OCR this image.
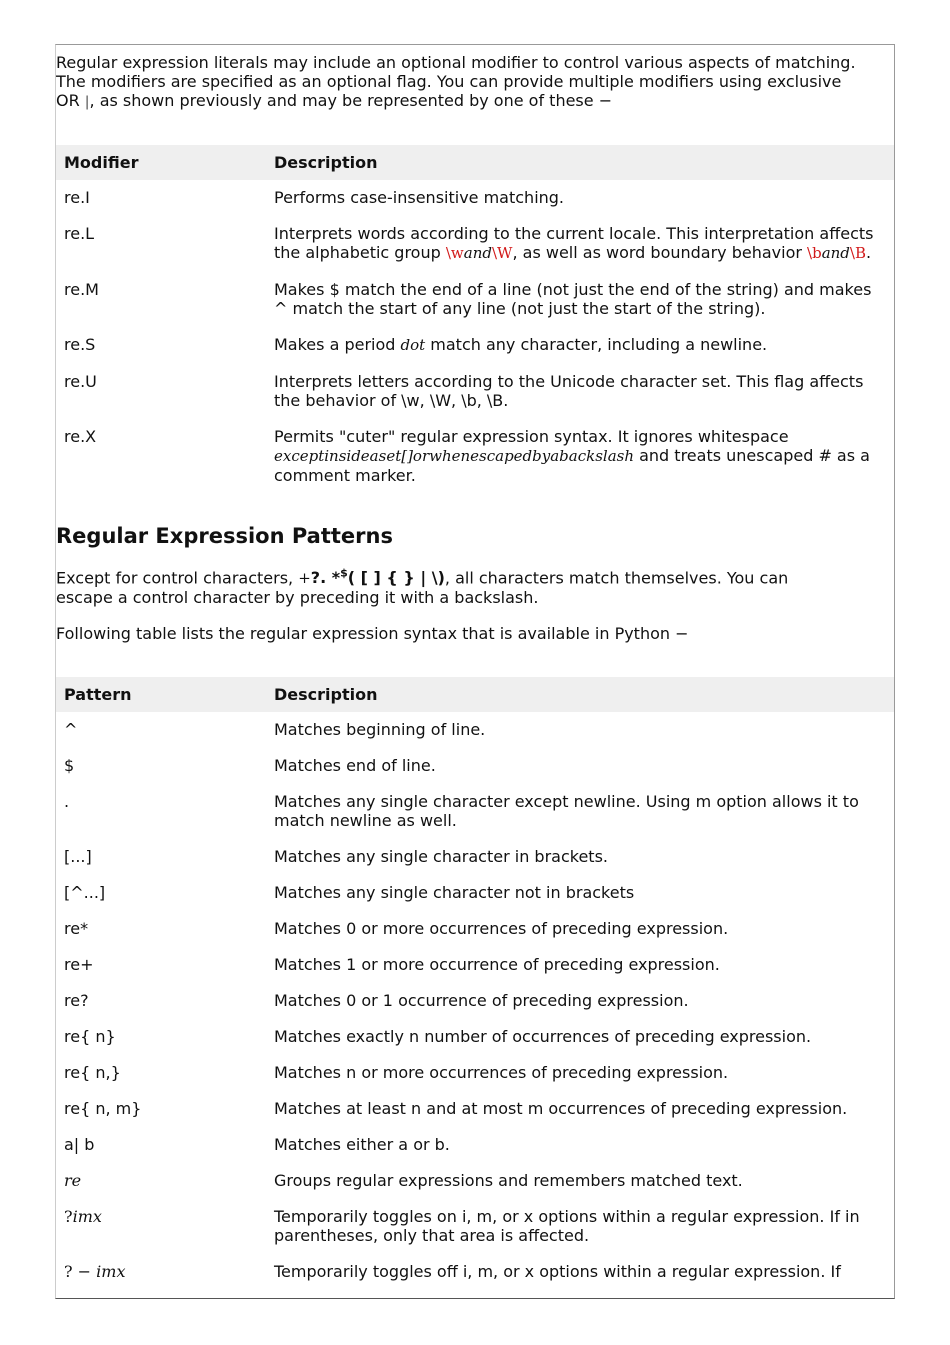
Regular expression literals may include an optional modifier to control various aspects of matching. The modifiers are specified as an optional flag. You can provide multiple modifiers using exclusive OR |, as shown previously and may be represented by one of these −

Modifier	Description
re.I	Performs case-insensitive matching.
re.L	Interprets words according to the current locale. This interpretation affects the alphabetic group \wand\W, as well as word boundary behavior \band\B.
re.M	Makes $ match the end of a line (not just the end of the string) and makes ^ match the start of any line (not just the start of the string).
re.S	Makes a period dot match any character, including a newline.
re.U	Interprets letters according to the Unicode character set. This flag affects the behavior of \w, \W, \b, \B.
re.X	Permits "cuter" regular expression syntax. It ignores whitespace exceptinsideaset[]orwhenescapedbyabackslash and treats unescaped # as a comment marker.
Regular Expression Patterns

Except for control characters, +?. *$( [ ] { } | \), all characters match themselves. You can escape a control character by preceding it with a backslash.

Following table lists the regular expression syntax that is available in Python −

Pattern	Description
^	Matches beginning of line.
$	Matches end of line.
.	Matches any single character except newline. Using m option allows it to match newline as well.
[...]	Matches any single character in brackets.
[^...]	Matches any single character not in brackets
re*	Matches 0 or more occurrences of preceding expression.
re+	Matches 1 or more occurrence of preceding expression.
re?	Matches 0 or 1 occurrence of preceding expression.
re{ n}	Matches exactly n number of occurrences of preceding expression.
re{ n,}	Matches n or more occurrences of preceding expression.
re{ n, m}	Matches at least n and at most m occurrences of preceding expression.
a| b	Matches either a or b.
re	Groups regular expressions and remembers matched text.
?imx	Temporarily toggles on i, m, or x options within a regular expression. If in parentheses, only that area is affected.
? − imx	Temporarily toggles off i, m, or x options within a regular expression. If
